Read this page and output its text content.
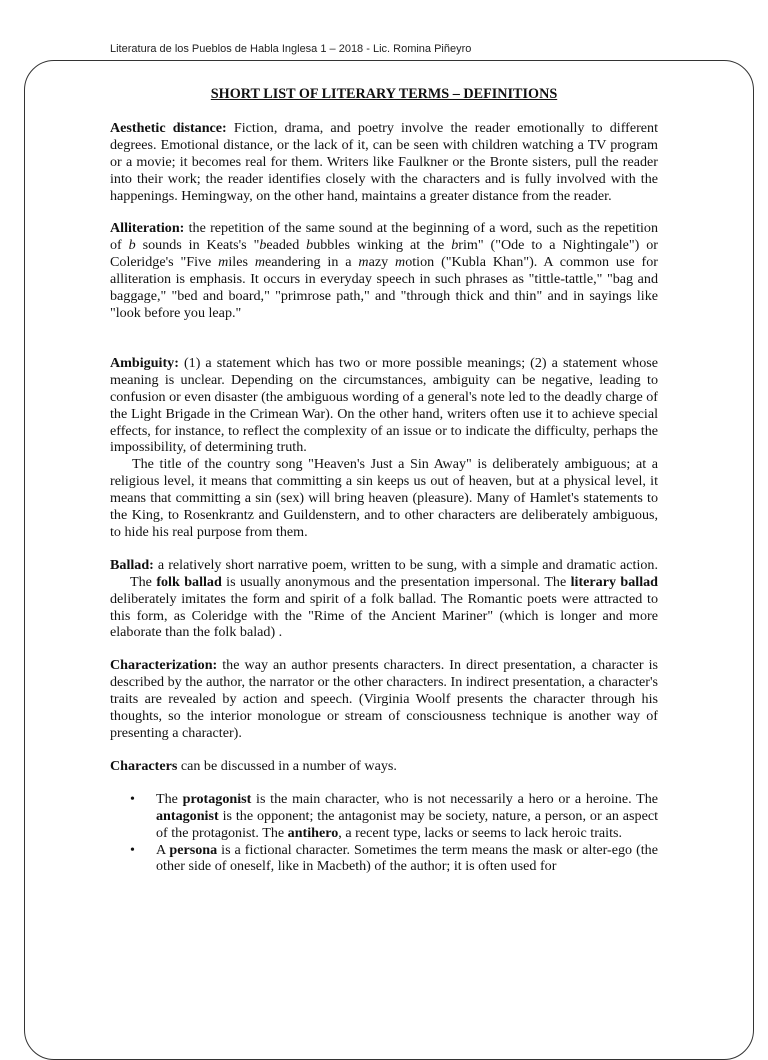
Literatura de los Pueblos de Habla Inglesa 1 – 2018 - Lic. Romina Piñeyro
SHORT LIST OF LITERARY TERMS – DEFINITIONS

Aesthetic distance: Fiction, drama, and poetry involve the reader emotionally to different degrees. Emotional distance, or the lack of it, can be seen with children watching a TV program or a movie; it becomes real for them. Writers like Faulkner or the Bronte sisters, pull the reader into their work; the reader identifies closely with the characters and is fully involved with the happenings. Hemingway, on the other hand, maintains a greater distance from the reader.

Alliteration: the repetition of the same sound at the beginning of a word, such as the repetition of b sounds in Keats's "beaded bubbles winking at the brim" ("Ode to a Nightingale") or Coleridge's "Five miles meandering in a mazy motion ("Kubla Khan"). A common use for alliteration is emphasis. It occurs in everyday speech in such phrases as "tittle-tattle," "bag and baggage," "bed and board," "primrose path," and "through thick and thin" and in sayings like "look before you leap."

Ambiguity: (1) a statement which has two or more possible meanings; (2) a statement whose meaning is unclear. Depending on the circumstances, ambiguity can be negative, leading to confusion or even disaster (the ambiguous wording of a general's note led to the deadly charge of the Light Brigade in the Crimean War). On the other hand, writers often use it to achieve special effects, for instance, to reflect the complexity of an issue or to indicate the difficulty, perhaps the impossibility, of determining truth.
The title of the country song "Heaven's Just a Sin Away" is deliberately ambiguous; at a religious level, it means that committing a sin keeps us out of heaven, but at a physical level, it means that committing a sin (sex) will bring heaven (pleasure). Many of Hamlet's statements to the King, to Rosenkrantz and Guildenstern, and to other characters are deliberately ambiguous, to hide his real purpose from them.

Ballad: a relatively short narrative poem, written to be sung, with a simple and dramatic action.The folk ballad is usually anonymous and the presentation impersonal. The literary ballad deliberately imitates the form and spirit of a folk ballad. The Romantic poets were attracted to this form, as Coleridge with the "Rime of the Ancient Mariner" (which is longer and more elaborate than the folk balad) .

Characterization: the way an author presents characters. In direct presentation, a character is described by the author, the narrator or the other characters. In indirect presentation, a character's traits are revealed by action and speech. (Virginia Woolf presents the character through his thoughts, so the interior monologue or stream of consciousness technique is another way of presenting a character).

Characters can be discussed in a number of ways.

• The protagonist is the main character, who is not necessarily a hero or a heroine. The antagonist is the opponent; the antagonist may be society, nature, a person, or an aspect of the protagonist. The antihero, a recent type, lacks or seems to lack heroic traits.
• A persona is a fictional character. Sometimes the term means the mask or alter-ego (the other side of oneself, like in Macbeth) of the author; it is often used for
